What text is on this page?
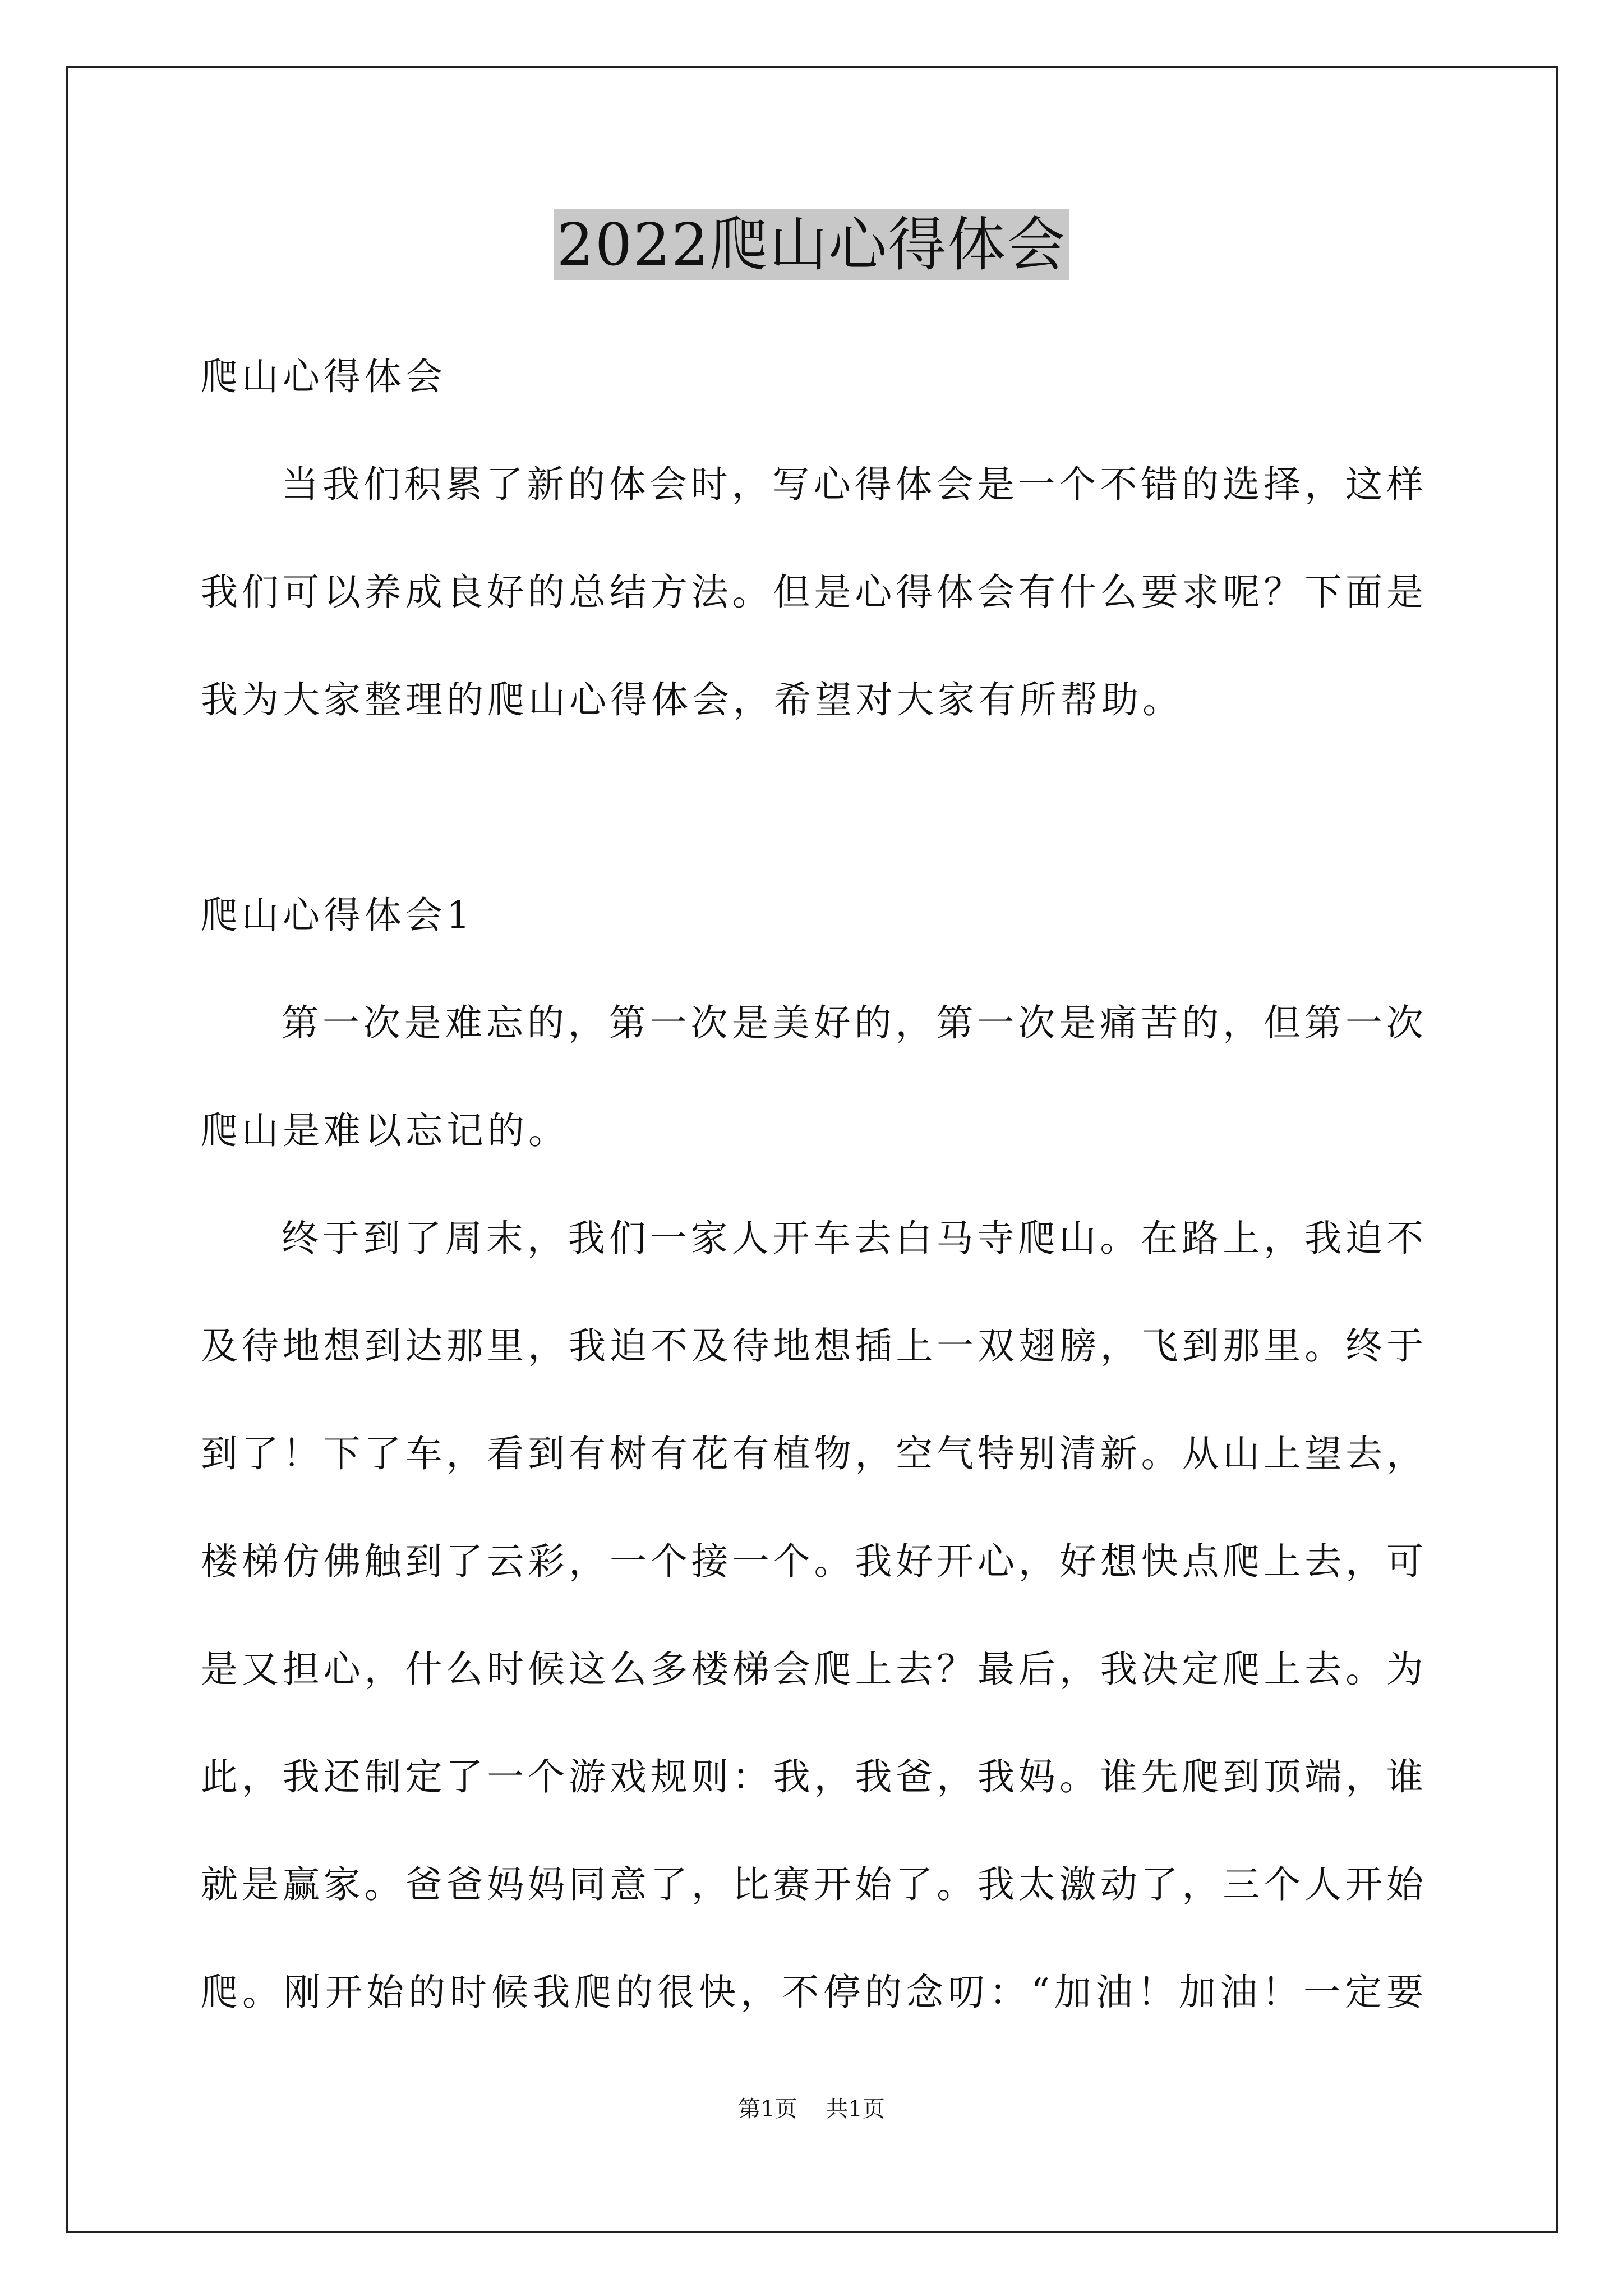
2022爬山心得体会
爬山心得体会
当我们积累了新的体会时，写心得体会是一个不错的选择，这样
我们可以养成良好的总结方法。但是心得体会有什么要求呢？下面是
我为大家整理的爬山心得体会，希望对大家有所帮助。
爬山心得体会1
第一次是难忘的，第一次是美好的，第一次是痛苦的，但第一次
爬山是难以忘记的。
终于到了周末，我们一家人开车去白马寺爬山。在路上，我迫不
及待地想到达那里，我迫不及待地想插上一双翅膀，飞到那里。终于
到了！下了车，看到有树有花有植物，空气特别清新。从山上望去，
楼梯仿佛触到了云彩，一个接一个。我好开心，好想快点爬上去，可
是又担心，什么时候这么多楼梯会爬上去？最后，我决定爬上去。为
此，我还制定了一个游戏规则：我，我爸，我妈。谁先爬到顶端，谁
就是赢家。爸爸妈妈同意了，比赛开始了。我太激动了，三个人开始
爬。刚开始的时候我爬的很快，不停的念叨：“加油！加油！一定要
第1页    共1页
